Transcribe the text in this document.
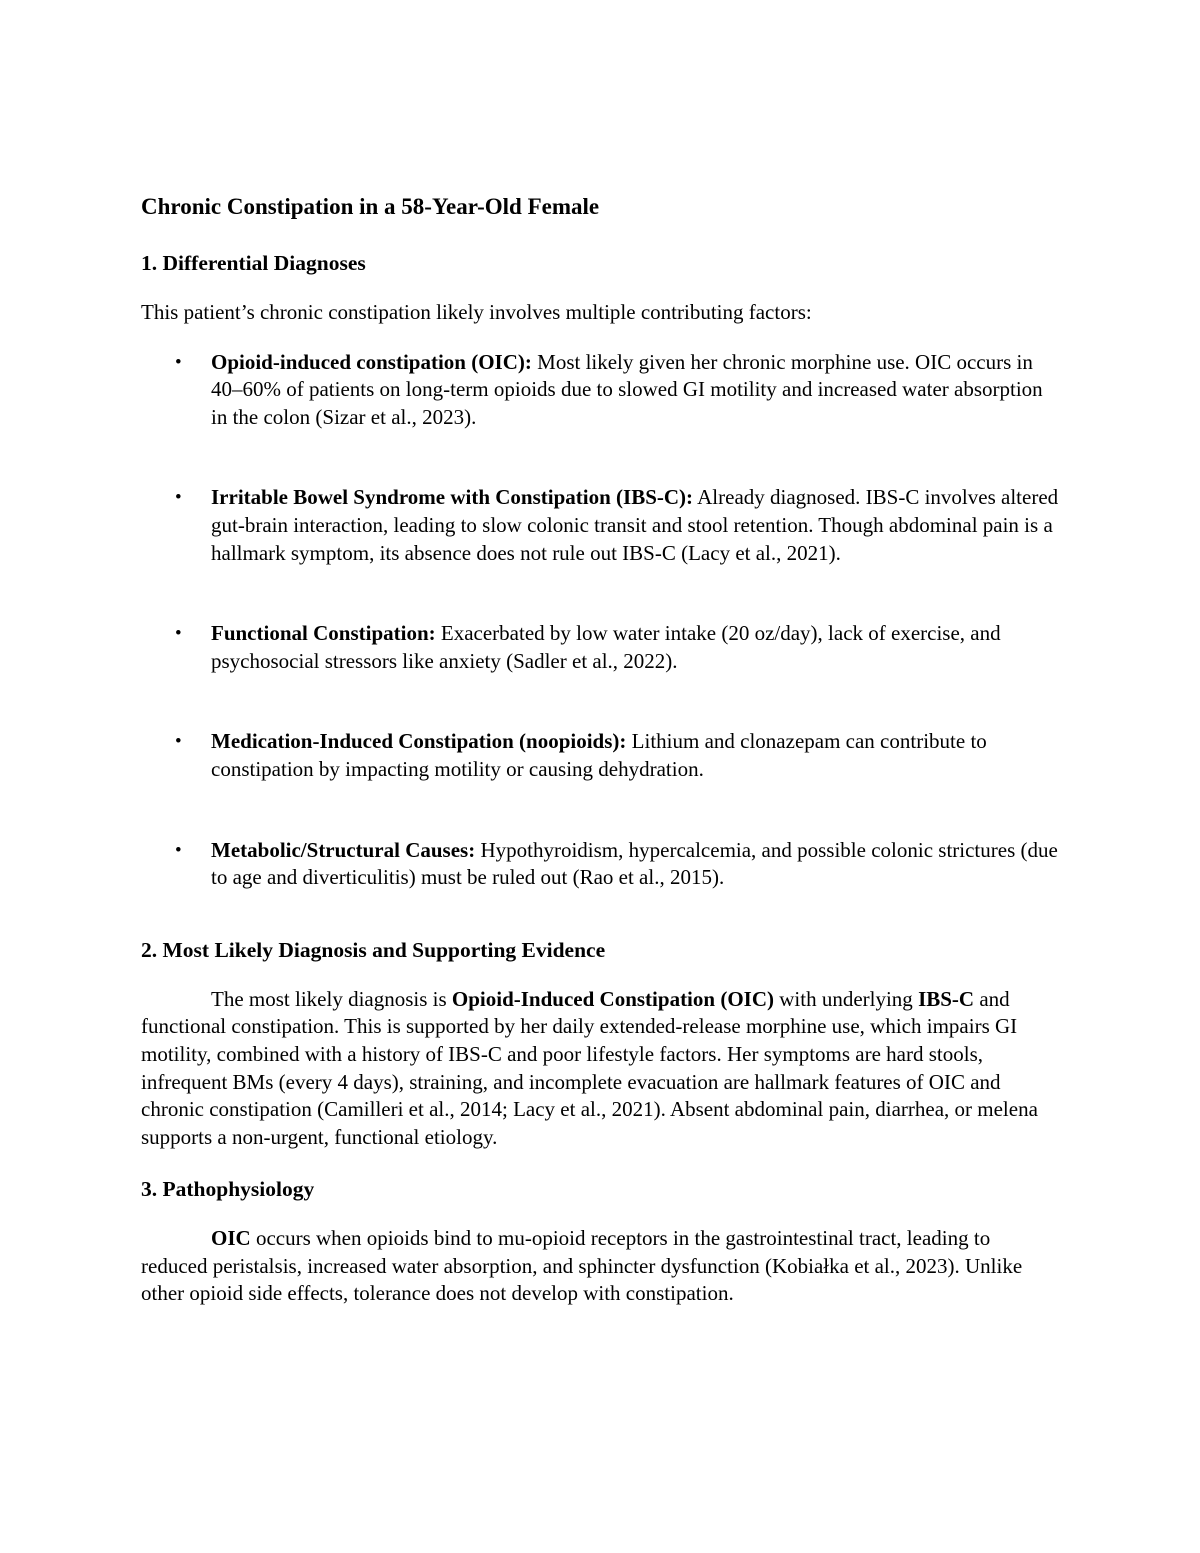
Chronic Constipation in a 58-Year-Old Female
1. Differential Diagnoses

This patient’s chronic constipation likely involves multiple contributing factors:

• Opioid-induced constipation (OIC): Most likely given her chronic morphine use. OIC occurs in 40–60% of patients on long-term opioids due to slowed GI motility and increased water absorption in the colon (Sizar et al., 2023).
• Irritable Bowel Syndrome with Constipation (IBS-C): Already diagnosed. IBS-C involves altered gut-brain interaction, leading to slow colonic transit and stool retention. Though abdominal pain is a hallmark symptom, its absence does not rule out IBS-C (Lacy et al., 2021).
• Functional Constipation: Exacerbated by low water intake (20 oz/day), lack of exercise, and psychosocial stressors like anxiety (Sadler et al., 2022).
• Medication-Induced Constipation (noopioids): Lithium and clonazepam can contribute to constipation by impacting motility or causing dehydration.
• Metabolic/Structural Causes: Hypothyroidism, hypercalcemia, and possible colonic strictures (due to age and diverticulitis) must be ruled out (Rao et al., 2015).
2. Most Likely Diagnosis and Supporting Evidence

The most likely diagnosis is Opioid-Induced Constipation (OIC) with underlying IBS-C and functional constipation. This is supported by her daily extended-release morphine use, which impairs GI motility, combined with a history of IBS-C and poor lifestyle factors. Her symptoms are hard stools, infrequent BMs (every 4 days), straining, and incomplete evacuation are hallmark features of OIC and chronic constipation (Camilleri et al., 2014; Lacy et al., 2021). Absent abdominal pain, diarrhea, or melena supports a non-urgent, functional etiology.

3. Pathophysiology

OIC occurs when opioids bind to mu-opioid receptors in the gastrointestinal tract, leading to reduced peristalsis, increased water absorption, and sphincter dysfunction (Kobiałka et al., 2023). Unlike other opioid side effects, tolerance does not develop with constipation.
